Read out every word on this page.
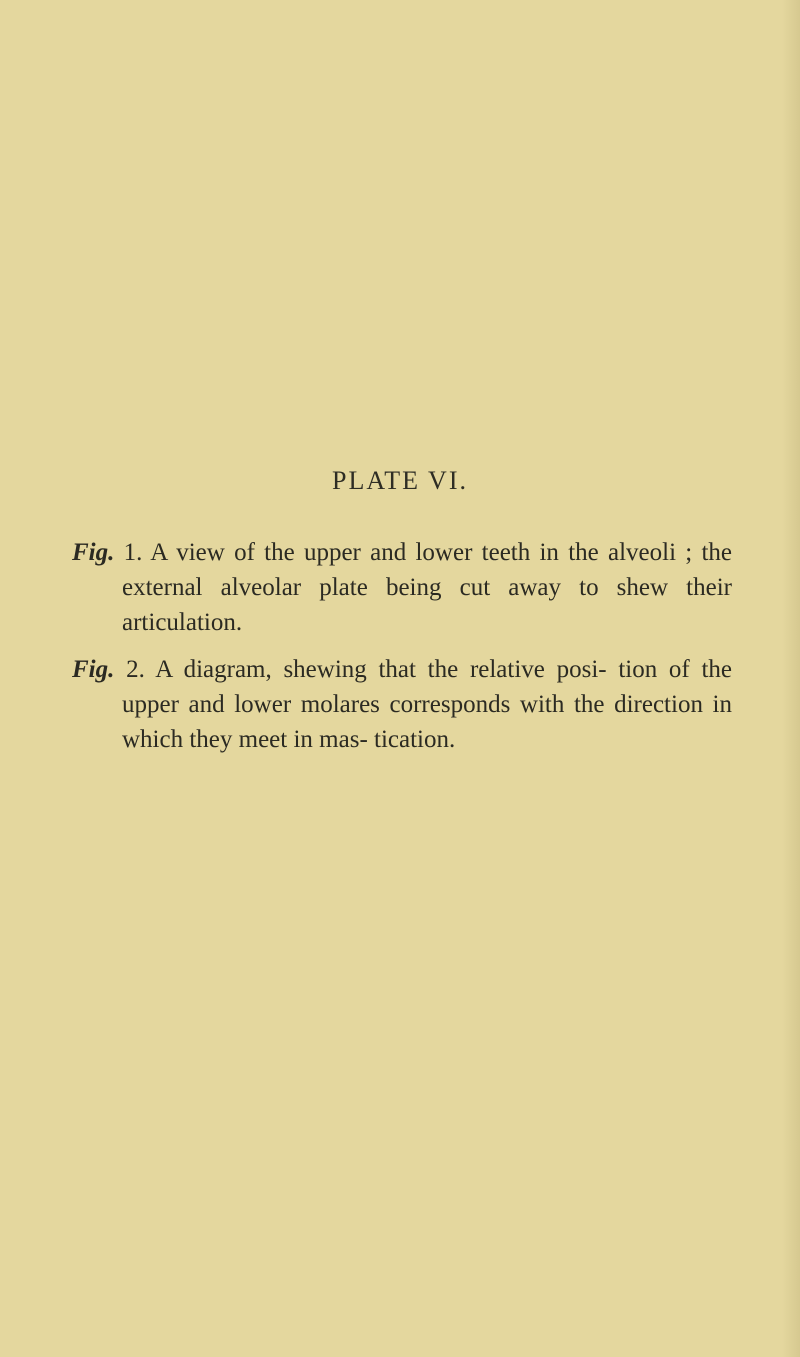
PLATE VI.

Fig. 1. A view of the upper and lower teeth in the alveoli ; the external alveolar plate being cut away to shew their articulation.

Fig. 2. A diagram, shewing that the relative posi- tion of the upper and lower molares corresponds with the direction in which they meet in mas- tication.
